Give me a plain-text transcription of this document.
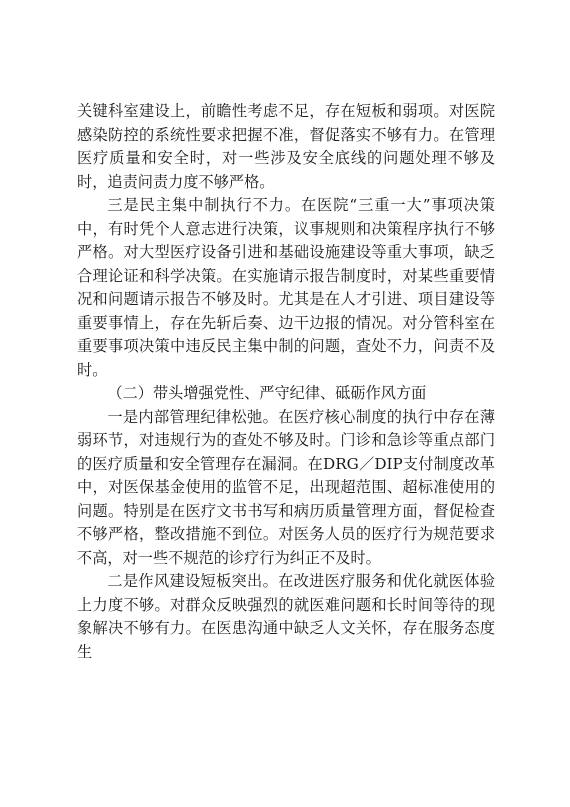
关键科室建设上，前瞻性考虑不足，存在短板和弱项。对医院感染防控的系统性要求把握不准，督促落实不够有力。在管理医疗质量和安全时，对一些涉及安全底线的问题处理不够及时，追责问责力度不够严格。

三是民主集中制执行不力。在医院“三重一大”事项决策中，有时凭个人意志进行决策，议事规则和决策程序执行不够严格。对大型医疗设备引进和基础设施建设等重大事项，缺乏合理论证和科学决策。在实施请示报告制度时，对某些重要情况和问题请示报告不够及时。尤其是在人才引进、项目建设等重要事情上，存在先斩后奏、边干边报的情况。对分管科室在重要事项决策中违反民主集中制的问题，查处不力，问责不及时。

（二）带头增强党性、严守纪律、砥砺作风方面

一是内部管理纪律松弛。在医疗核心制度的执行中存在薄弱环节，对违规行为的查处不够及时。门诊和急诊等重点部门的医疗质量和安全管理存在漏洞。在DRG／DIP支付制度改革中，对医保基金使用的监管不足，出现超范围、超标准使用的问题。特别是在医疗文书书写和病历质量管理方面，督促检查不够严格，整改措施不到位。对医务人员的医疗行为规范要求不高，对一些不规范的诊疗行为纠正不及时。

二是作风建设短板突出。在改进医疗服务和优化就医体验上力度不够。对群众反映强烈的就医难问题和长时间等待的现象解决不够有力。在医患沟通中缺乏人文关怀，存在服务态度生
